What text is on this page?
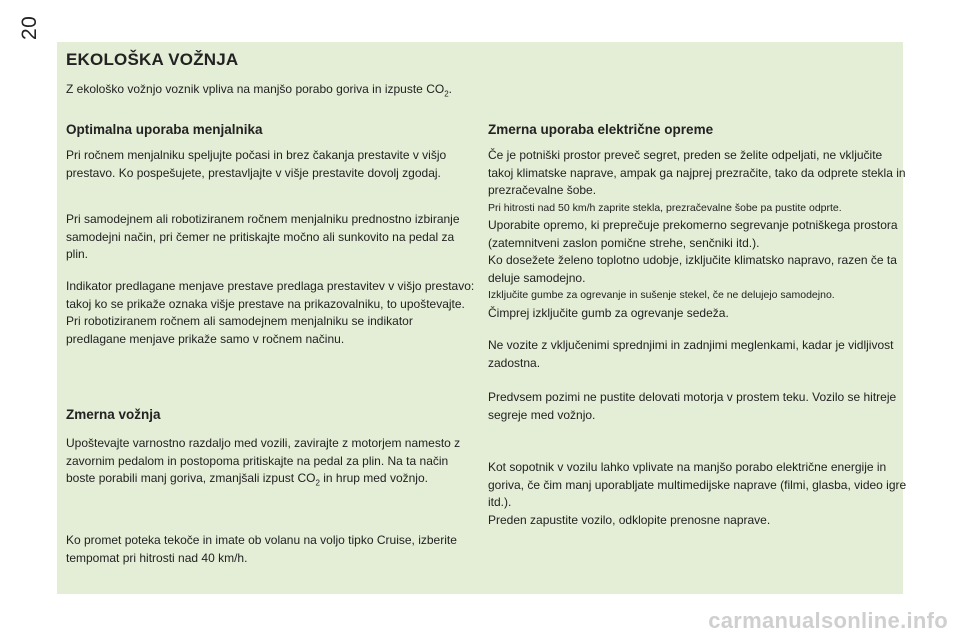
20
EKOLOŠKA VOŽNJA
Z ekološko vožnjo voznik vpliva na manjšo porabo goriva in izpuste $CO_2$.
Optimalna uporaba menjalnika

Pri ročnem menjalniku speljujte počasi in brez čakanja prestavite v višjo prestavo. Ko pospešujete, prestavljajte v višje prestavite dovolj zgodaj.

Pri samodejnem ali robotiziranem ročnem menjalniku prednostno izbiranje samodejni način, pri čemer ne pritiskajte močno ali sunkovito na pedal za plin.

Indikator predlagane menjave prestave predlaga prestavitev v višjo prestavo: takoj ko se prikaže oznaka višje prestave na prikazovalniku, to upoštevajte.

Pri robotiziranem ročnem ali samodejnem menjalniku se indikator predlagane menjave prikaže samo v ročnem načinu.

Zmerna vožnja

Upoštevajte varnostno razdaljo med vozili, zavirajte z motorjem namesto z zavornim pedalom in postopoma pritiskajte na pedal za plin. Na ta način boste porabili manj goriva, zmanjšali izpust $CO_2$ in hrup med vožnjo.

Ko promet poteka tekoče in imate ob volanu na voljo tipko Cruise, izberite tempomat pri hitrosti nad 40 km/h.

Zmerna uporaba električne opreme

Če je potniški prostor preveč segret, preden se želite odpeljati, ne vključite takoj klimatske naprave, ampak ga najprej prezračite, tako da odprete stekla in prezračevalne šobe.

Pri hitrosti nad 50 km/h zaprite stekla, prezračevalne šobe pa pustite odprte.

Uporabite opremo, ki preprečuje prekomerno segrevanje potniškega prostora (zatemnitveni zaslon pomične strehe, senčniki itd.).

Ko dosežete želeno toplotno udobje, izključite klimatsko napravo, razen če ta deluje samodejno.

Izključite gumbe za ogrevanje in sušenje stekel, če ne delujejo samodejno.

Čimprej izključite gumb za ogrevanje sedeža.

Ne vozite z vključenimi sprednjimi in zadnjimi meglenkami, kadar je vidljivost zadostna.

Predvsem pozimi ne pustite delovati motorja v prostem teku. Vozilo se hitreje segreje med vožnjo.

Kot sopotnik v vozilu lahko vplivate na manjšo porabo električne energije in goriva, če čim manj uporabljate multimedijske naprave (filmi, glasba, video igre itd.).

Preden zapustite vozilo, odklopite prenosne naprave.

carmanualsonline.info
